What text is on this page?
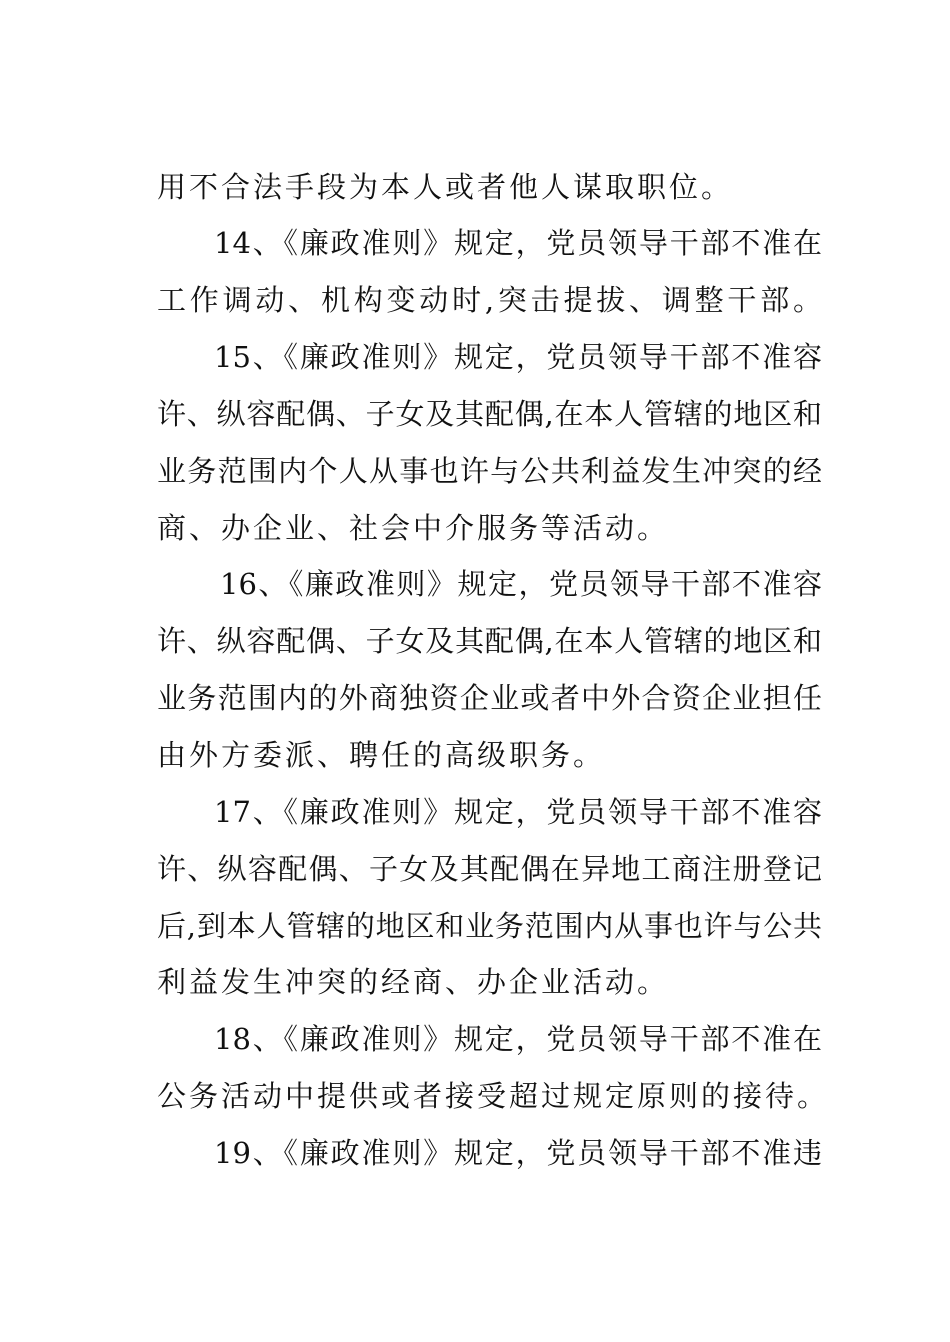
用不合法手段为本人或者他人谋取职位。
14、《廉政准则》规定，党员领导干部不准在
工作调动、机构变动时,突击提拔、调整干部。
15、《廉政准则》规定，党员领导干部不准容
许、纵容配偶、子女及其配偶,在本人管辖的地区和
业务范围内个人从事也许与公共利益发生冲突的经
商、办企业、社会中介服务等活动。
16、《廉政准则》规定，党员领导干部不准容
许、纵容配偶、子女及其配偶,在本人管辖的地区和
业务范围内的外商独资企业或者中外合资企业担任
由外方委派、聘任的高级职务。
17、《廉政准则》规定，党员领导干部不准容
许、纵容配偶、子女及其配偶在异地工商注册登记
后,到本人管辖的地区和业务范围内从事也许与公共
利益发生冲突的经商、办企业活动。
18、《廉政准则》规定，党员领导干部不准在
公务活动中提供或者接受超过规定原则的接待。
19、《廉政准则》规定，党员领导干部不准违
